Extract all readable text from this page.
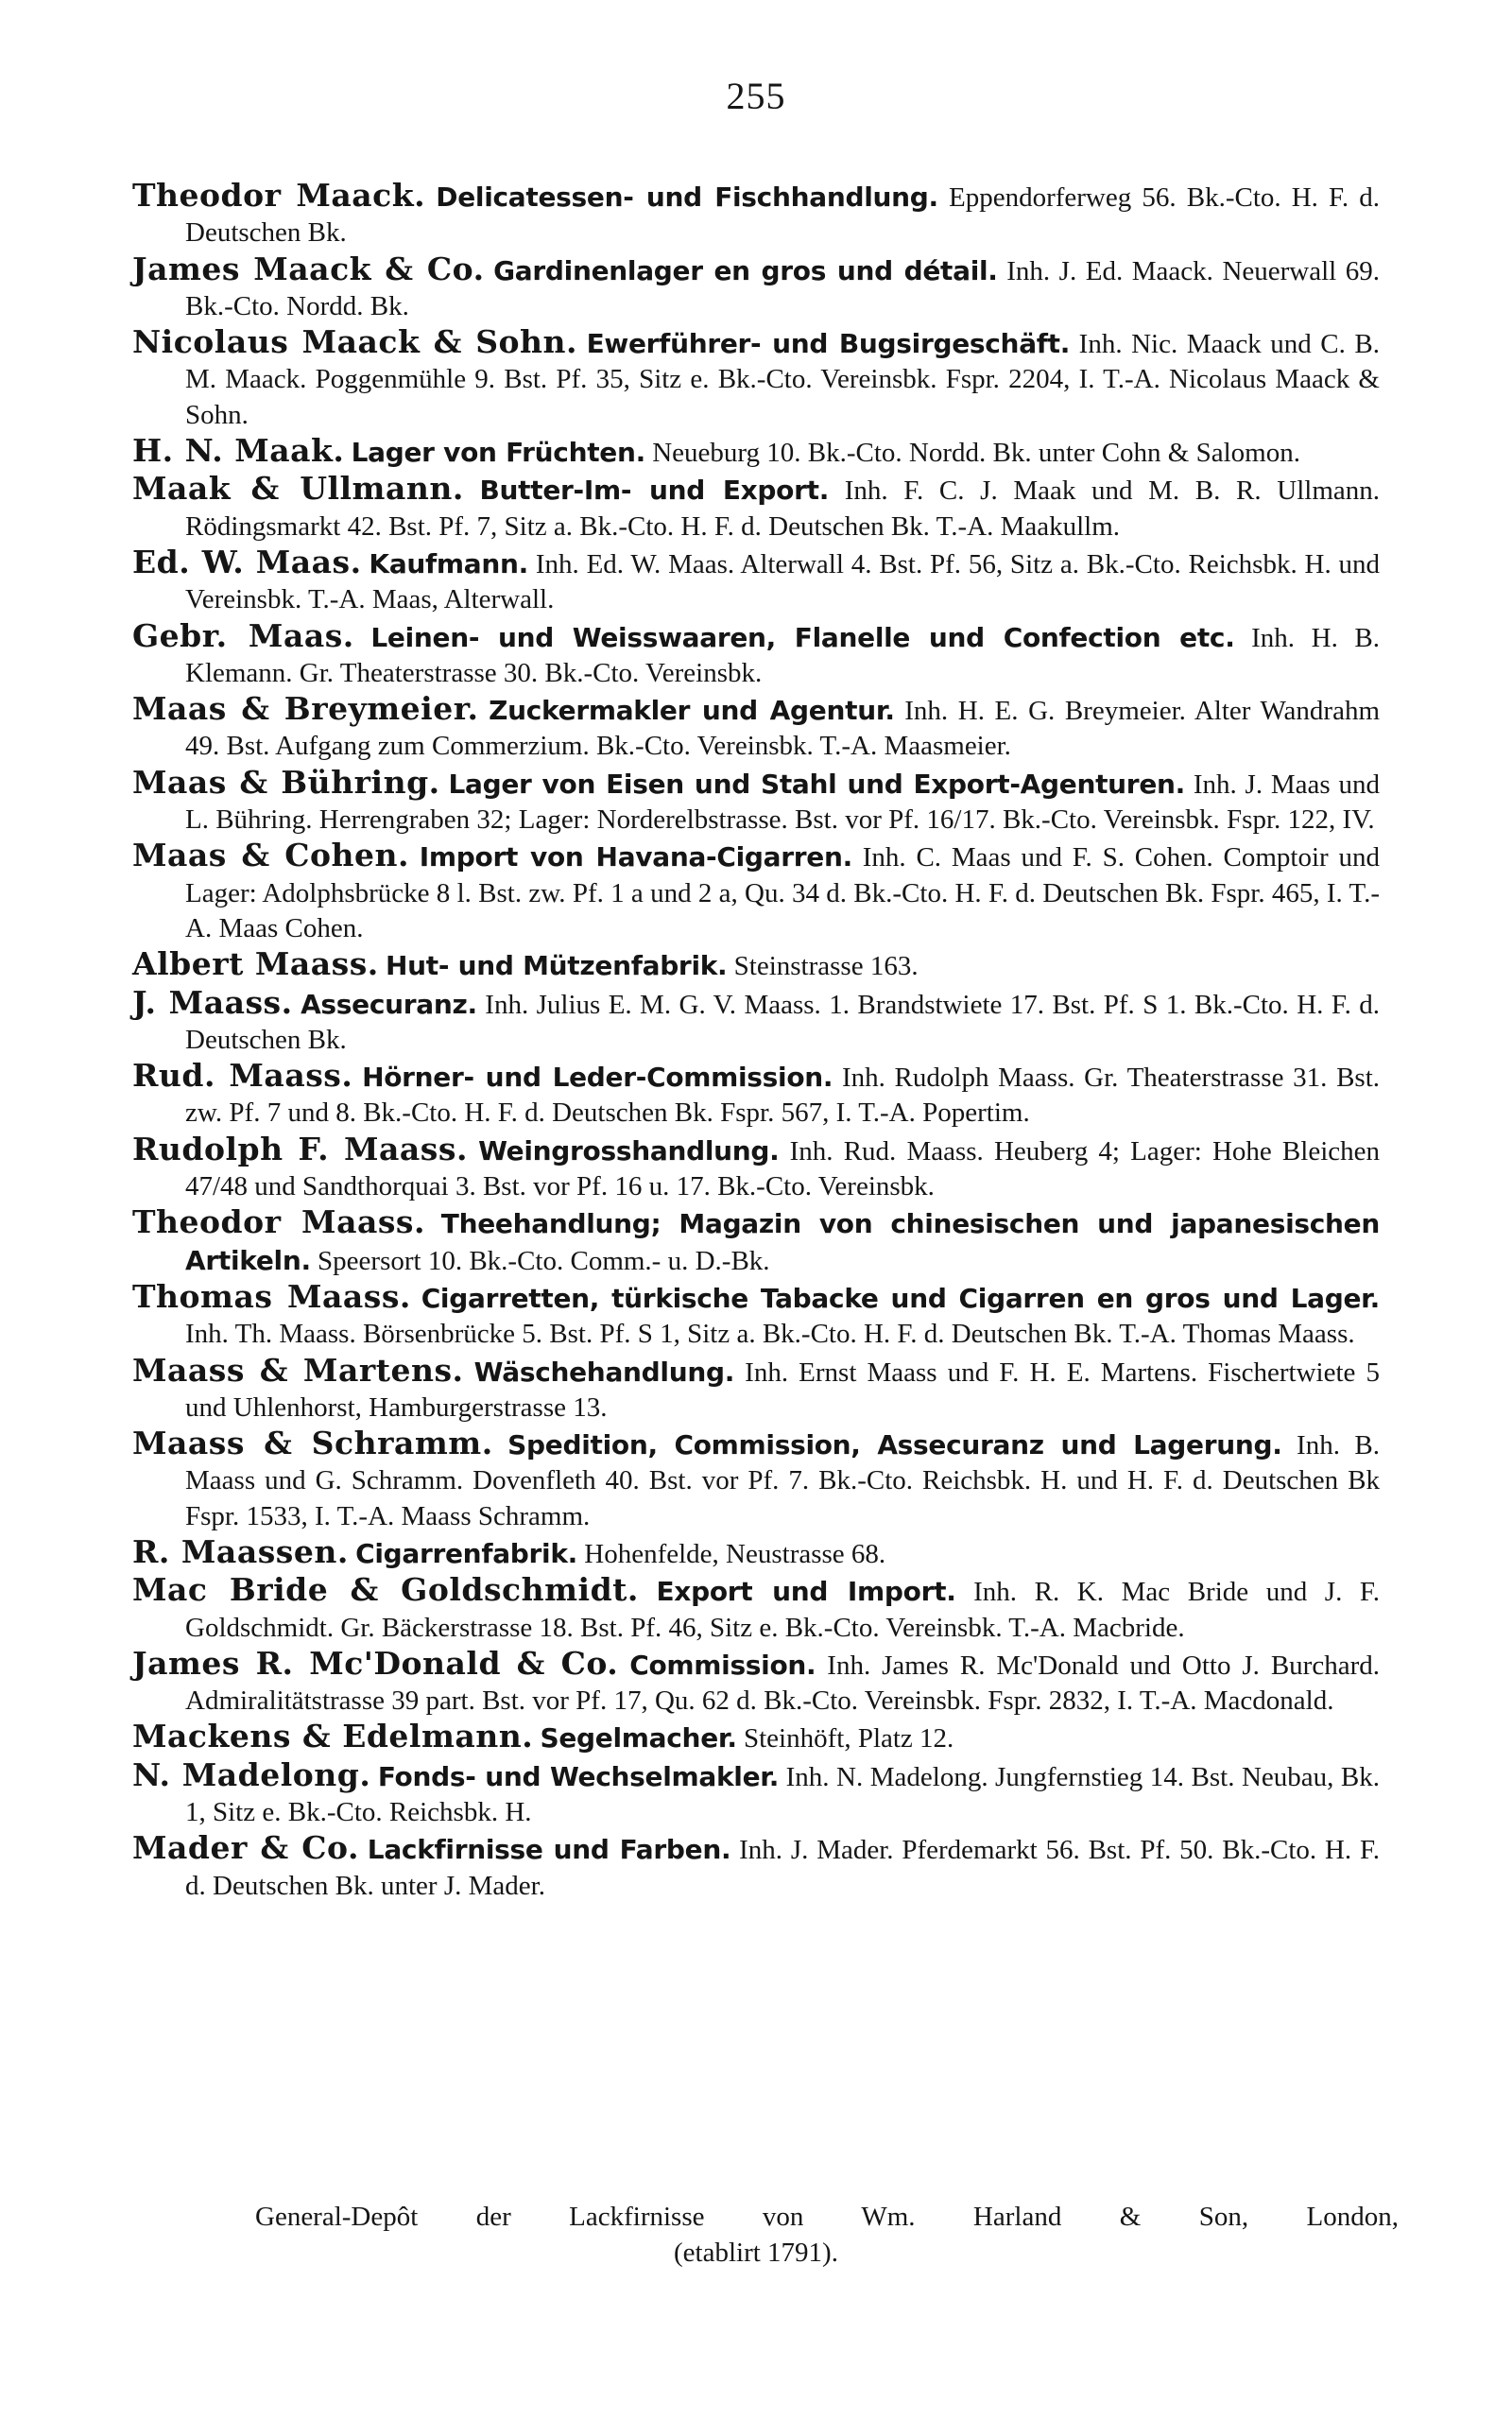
255

Theodor Maack. Delicatessen- und Fischhandlung. Eppendorferweg 56. Bk.-Cto. H. F. d. Deutschen Bk.

James Maack & Co. Gardinenlager en gros und détail. Inh. J. Ed. Maack. Neuerwall 69. Bk.-Cto. Nordd. Bk.

Nicolaus Maack & Sohn. Ewerführer- und Bugsirgeschäft. Inh. Nic. Maack und C. B. M. Maack. Poggenmühle 9. Bst. Pf. 35, Sitz e. Bk.-Cto. Vereinsbk. Fspr. 2204, I. T.-A. Nicolaus Maack & Sohn.

H. N. Maak. Lager von Früchten. Neueburg 10. Bk.-Cto. Nordd. Bk. unter Cohn & Salomon.

Maak & Ullmann. Butter-Im- und Export. Inh. F. C. J. Maak und M. B. R. Ullmann. Rödingsmarkt 42. Bst. Pf. 7, Sitz a. Bk.-Cto. H. F. d. Deutschen Bk. T.-A. Maakullm.

Ed. W. Maas. Kaufmann. Inh. Ed. W. Maas. Alterwall 4. Bst. Pf. 56, Sitz a. Bk.-Cto. Reichsbk. H. und Vereinsbk. T.-A. Maas, Alterwall.

Gebr. Maas. Leinen- und Weisswaaren, Flanelle und Confection etc. Inh. H. B. Klemann. Gr. Theaterstrasse 30. Bk.-Cto. Vereinsbk.

Maas & Breymeier. Zuckermakler und Agentur. Inh. H. E. G. Breymeier. Alter Wandrahm 49. Bst. Aufgang zum Commerzium. Bk.-Cto. Vereinsbk. T.-A. Maasmeier.

Maas & Bühring. Lager von Eisen und Stahl und Export-Agenturen. Inh. J. Maas und L. Bühring. Herrengraben 32; Lager: Norderelbstrasse. Bst. vor Pf. 16/17. Bk.-Cto. Vereinsbk. Fspr. 122, IV.

Maas & Cohen. Import von Havana-Cigarren. Inh. C. Maas und F. S. Cohen. Comptoir und Lager: Adolphsbrücke 8 l. Bst. zw. Pf. 1 a und 2 a, Qu. 34 d. Bk.-Cto. H. F. d. Deutschen Bk. Fspr. 465, I. T.-A. Maas Cohen.

Albert Maass. Hut- und Mützenfabrik. Steinstrasse 163.

J. Maass. Assecuranz. Inh. Julius E. M. G. V. Maass. 1. Brandstwiete 17. Bst. Pf. S 1. Bk.-Cto. H. F. d. Deutschen Bk.

Rud. Maass. Hörner- und Leder-Commission. Inh. Rudolph Maass. Gr. Theaterstrasse 31. Bst. zw. Pf. 7 und 8. Bk.-Cto. H. F. d. Deutschen Bk. Fspr. 567, I. T.-A. Popertim.

Rudolph F. Maass. Weingrosshandlung. Inh. Rud. Maass. Heuberg 4; Lager: Hohe Bleichen 47/48 und Sandthorquai 3. Bst. vor Pf. 16 u. 17. Bk.-Cto. Vereinsbk.

Theodor Maass. Theehandlung; Magazin von chinesischen und japanesischen Artikeln. Speersort 10. Bk.-Cto. Comm.- u. D.-Bk.

Thomas Maass. Cigarretten, türkische Tabacke und Cigarren en gros und Lager. Inh. Th. Maass. Börsenbrücke 5. Bst. Pf. S 1, Sitz a. Bk.-Cto. H. F. d. Deutschen Bk. T.-A. Thomas Maass.

Maass & Martens. Wäschehandlung. Inh. Ernst Maass und F. H. E. Martens. Fischertwiete 5 und Uhlenhorst, Hamburgerstrasse 13.

Maass & Schramm. Spedition, Commission, Assecuranz und Lagerung. Inh. B. Maass und G. Schramm. Dovenfleth 40. Bst. vor Pf. 7. Bk.-Cto. Reichsbk. H. und H. F. d. Deutschen Bk Fspr. 1533, I. T.-A. Maass Schramm.

R. Maassen. Cigarrenfabrik. Hohenfelde, Neustrasse 68.

Mac Bride & Goldschmidt. Export und Import. Inh. R. K. Mac Bride und J. F. Goldschmidt. Gr. Bäckerstrasse 18. Bst. Pf. 46, Sitz e. Bk.-Cto. Vereinsbk. T.-A. Macbride.

James R. Mc'Donald & Co. Commission. Inh. James R. Mc'Donald und Otto J. Burchard. Admiralitätstrasse 39 part. Bst. vor Pf. 17, Qu. 62 d. Bk.-Cto. Vereinsbk. Fspr. 2832, I. T.-A. Macdonald.

Mackens & Edelmann. Segelmacher. Steinhöft, Platz 12.

N. Madelong. Fonds- und Wechselmakler. Inh. N. Madelong. Jungfernstieg 14. Bst. Neubau, Bk. 1, Sitz e. Bk.-Cto. Reichsbk. H.

Mader & Co. Lackfirnisse und Farben. Inh. J. Mader. Pferdemarkt 56. Bst. Pf. 50. Bk.-Cto. H. F. d. Deutschen Bk. unter J. Mader.

General-Depôt der Lackfirnisse von Wm. Harland & Son, London,
(etablirt 1791).
